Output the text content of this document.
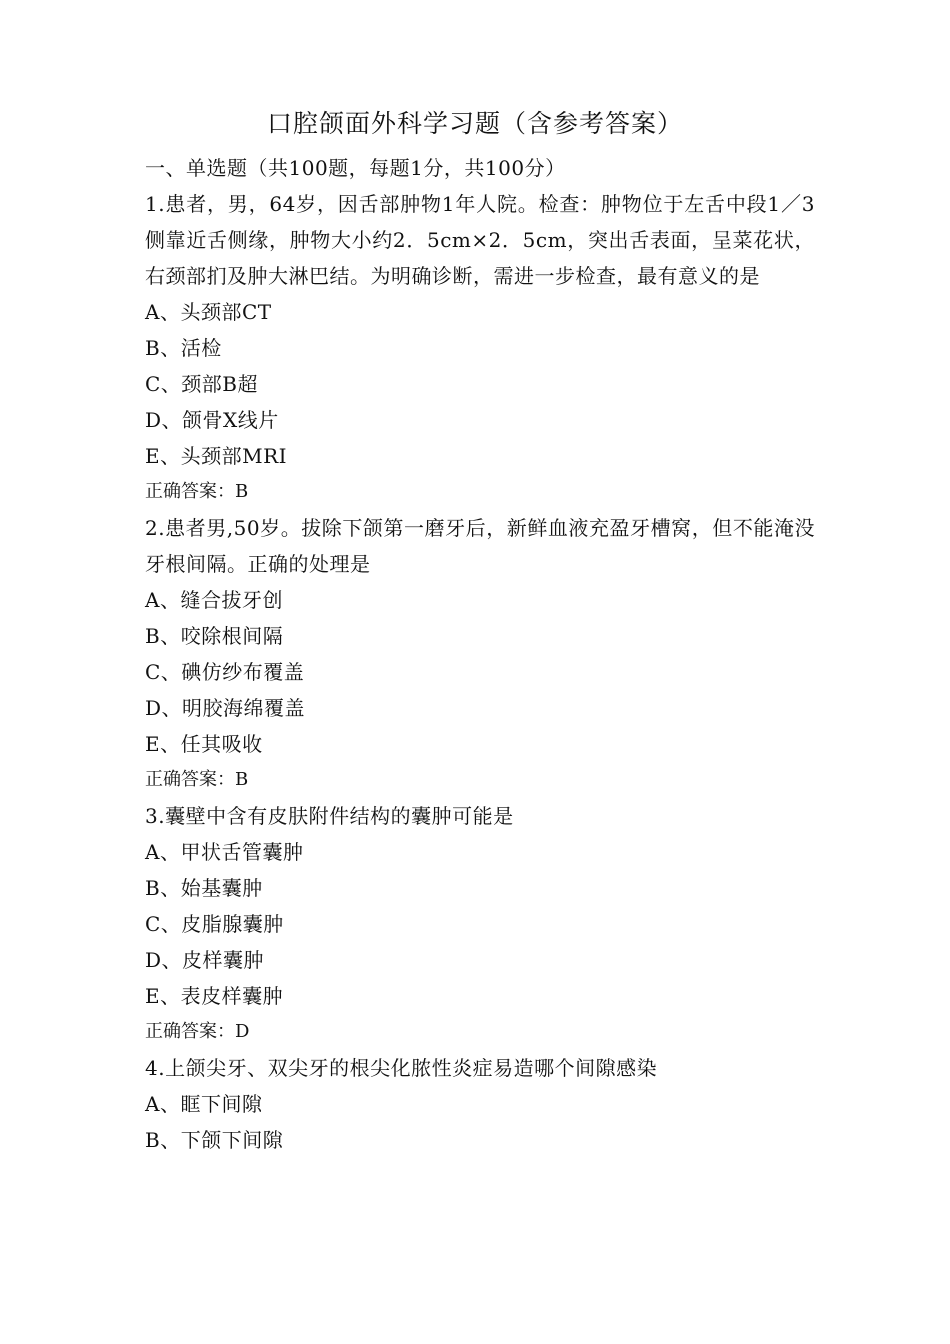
口腔颌面外科学习题（含参考答案）
一、单选题（共100题，每题1分，共100分）
1.患者，男，64岁，因舌部肿物1年人院。检查：肿物位于左舌中段1／3侧靠近舌侧缘，肿物大小约2．5cm×2．5cm，突出舌表面，呈菜花状，右颈部扪及肿大淋巴结。为明确诊断，需进一步检查，最有意义的是
A、头颈部CT
B、活检
C、颈部B超
D、颌骨X线片
E、头颈部MRI
正确答案：B
2.患者男,50岁。拔除下颌第一磨牙后，新鲜血液充盈牙槽窝，但不能淹没牙根间隔。正确的处理是
A、缝合拔牙创
B、咬除根间隔
C、碘仿纱布覆盖
D、明胶海绵覆盖
E、任其吸收
正确答案：B
3.囊壁中含有皮肤附件结构的囊肿可能是
A、甲状舌管囊肿
B、始基囊肿
C、皮脂腺囊肿
D、皮样囊肿
E、表皮样囊肿
正确答案：D
4.上颌尖牙、双尖牙的根尖化脓性炎症易造哪个间隙感染
A、眶下间隙
B、下颌下间隙
